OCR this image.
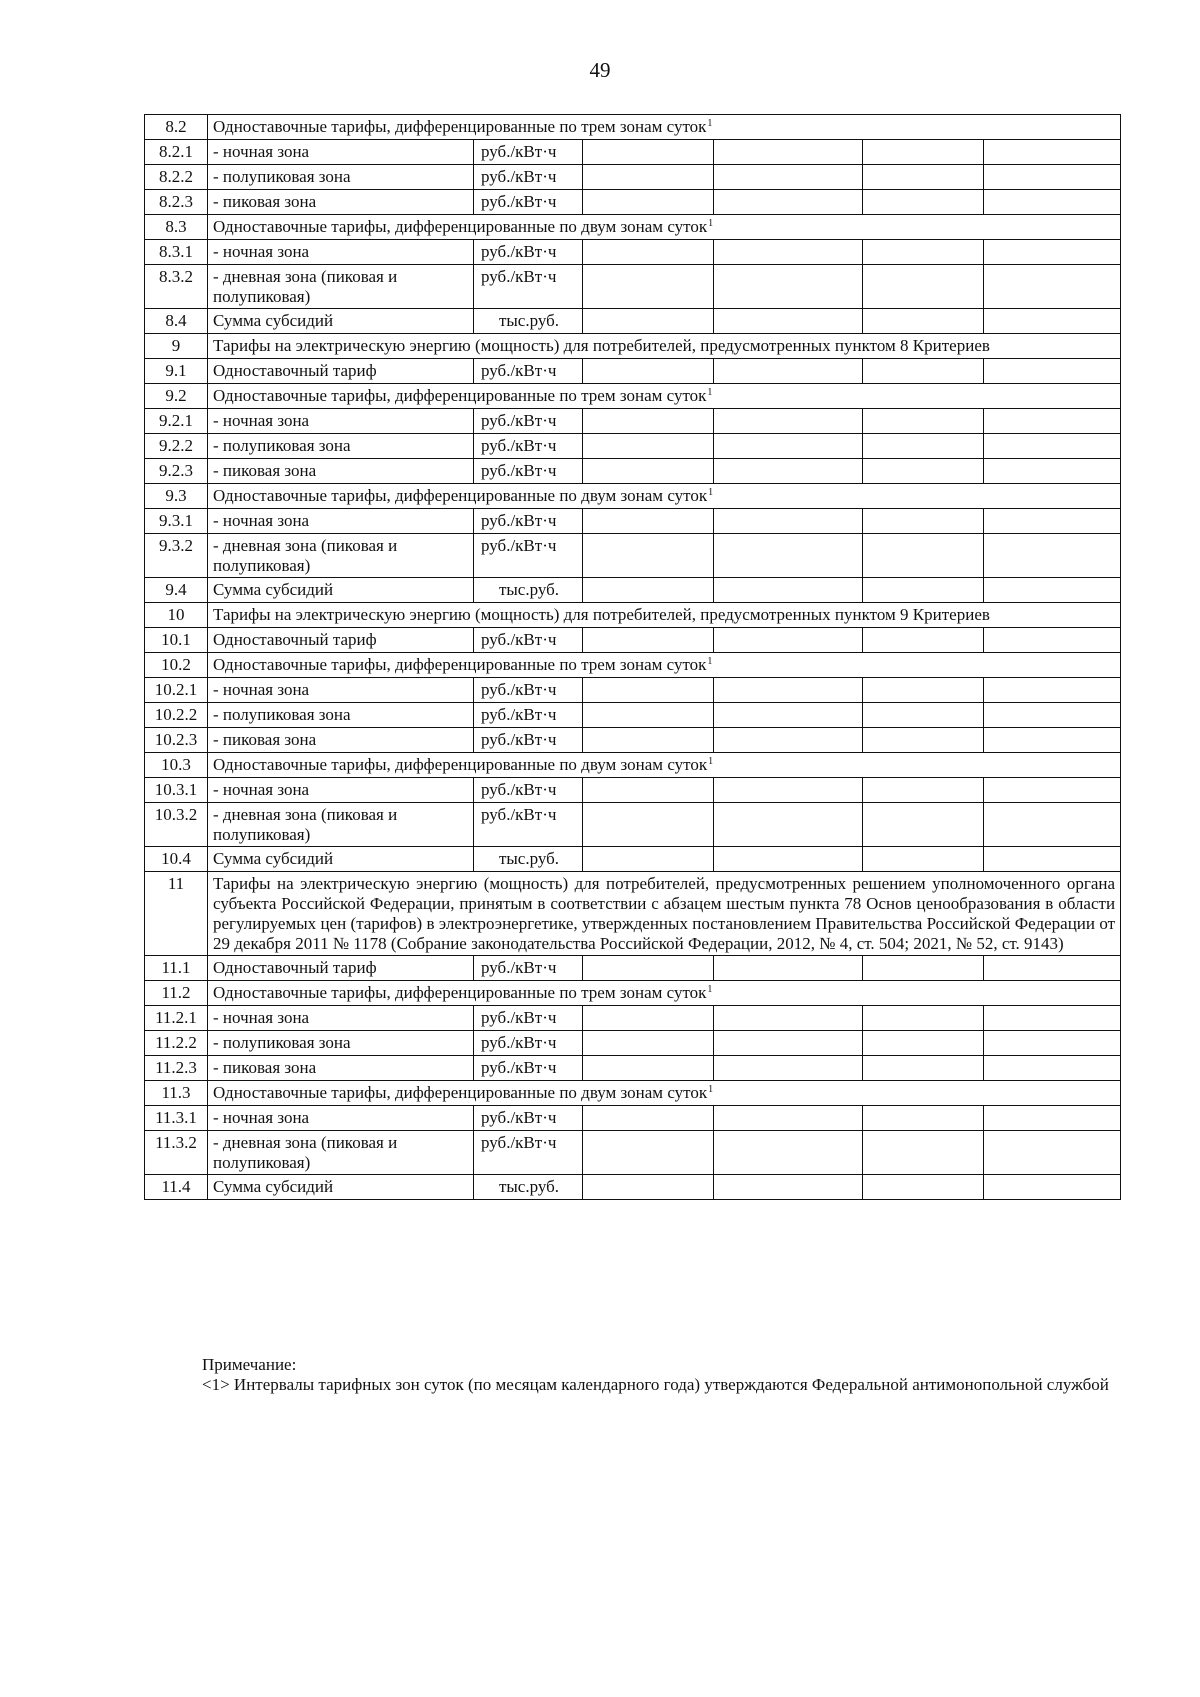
49
8.2	Одноставочные тарифы, дифференцированные по трем зонам суток$^1$
8.2.1	- ночная зона	руб./кВт·ч				
8.2.2	- полупиковая зона	руб./кВт·ч				
8.2.3	- пиковая зона	руб./кВт·ч				
8.3	Одноставочные тарифы, дифференцированные по двум зонам суток$^1$
8.3.1	- ночная зона	руб./кВт·ч				
8.3.2	- дневная зона (пиковая и полупиковая)	руб./кВт·ч				
8.4	Сумма субсидий	тыс.руб.				
9	Тарифы на электрическую энергию (мощность) для потребителей, предусмотренных пунктом 8 Критериев					
9.1	Одноставочный тариф	руб./кВт·ч				
9.2	Одноставочные тарифы, дифференцированные по трем зонам суток$^1$
9.2.1	- ночная зона	руб./кВт·ч				
9.2.2	- полупиковая зона	руб./кВт·ч				
9.2.3	- пиковая зона	руб./кВт·ч				
9.3	Одноставочные тарифы, дифференцированные по двум зонам суток$^1$
9.3.1	- ночная зона	руб./кВт·ч				
9.3.2	- дневная зона (пиковая и полупиковая)	руб./кВт·ч				
9.4	Сумма субсидий	тыс.руб.				
10	Тарифы на электрическую энергию (мощность) для потребителей, предусмотренных пунктом 9 Критериев					
10.1	Одноставочный тариф	руб./кВт·ч				
10.2	Одноставочные тарифы, дифференцированные по трем зонам суток$^1$
10.2.1	- ночная зона	руб./кВт·ч				
10.2.2	- полупиковая зона	руб./кВт·ч				
10.2.3	- пиковая зона	руб./кВт·ч				
10.3	Одноставочные тарифы, дифференцированные по двум зонам суток$^1$
10.3.1	- ночная зона	руб./кВт·ч				
10.3.2	- дневная зона (пиковая и полупиковая)	руб./кВт·ч				
10.4	Сумма субсидий	тыс.руб.				
11	Тарифы на электрическую энергию (мощность) для потребителей, предусмотренных решением уполномоченного органа субъекта Российской Федерации, принятым в соответствии с абзацем шестым пункта 78 Основ ценообразования в области регулируемых цен (тарифов) в электроэнергетике, утвержденных постановлением Правительства Российской Федерации от 29 декабря 2011 № 1178 (Собрание законодательства Российской Федерации, 2012, № 4, ст. 504; 2021, № 52, ст. 9143)					
11.1	Одноставочный тариф	руб./кВт·ч				
11.2	Одноставочные тарифы, дифференцированные по трем зонам суток$^1$
11.2.1	- ночная зона	руб./кВт·ч				
11.2.2	- полупиковая зона	руб./кВт·ч				
11.2.3	- пиковая зона	руб./кВт·ч				
11.3	Одноставочные тарифы, дифференцированные по двум зонам суток$^1$
11.3.1	- ночная зона	руб./кВт·ч				
11.3.2	- дневная зона (пиковая и полупиковая)	руб./кВт·ч				
11.4	Сумма субсидий	тыс.руб.				
Примечание:
<1> Интервалы тарифных зон суток (по месяцам календарного года) утверждаются Федеральной антимонопольной службой
